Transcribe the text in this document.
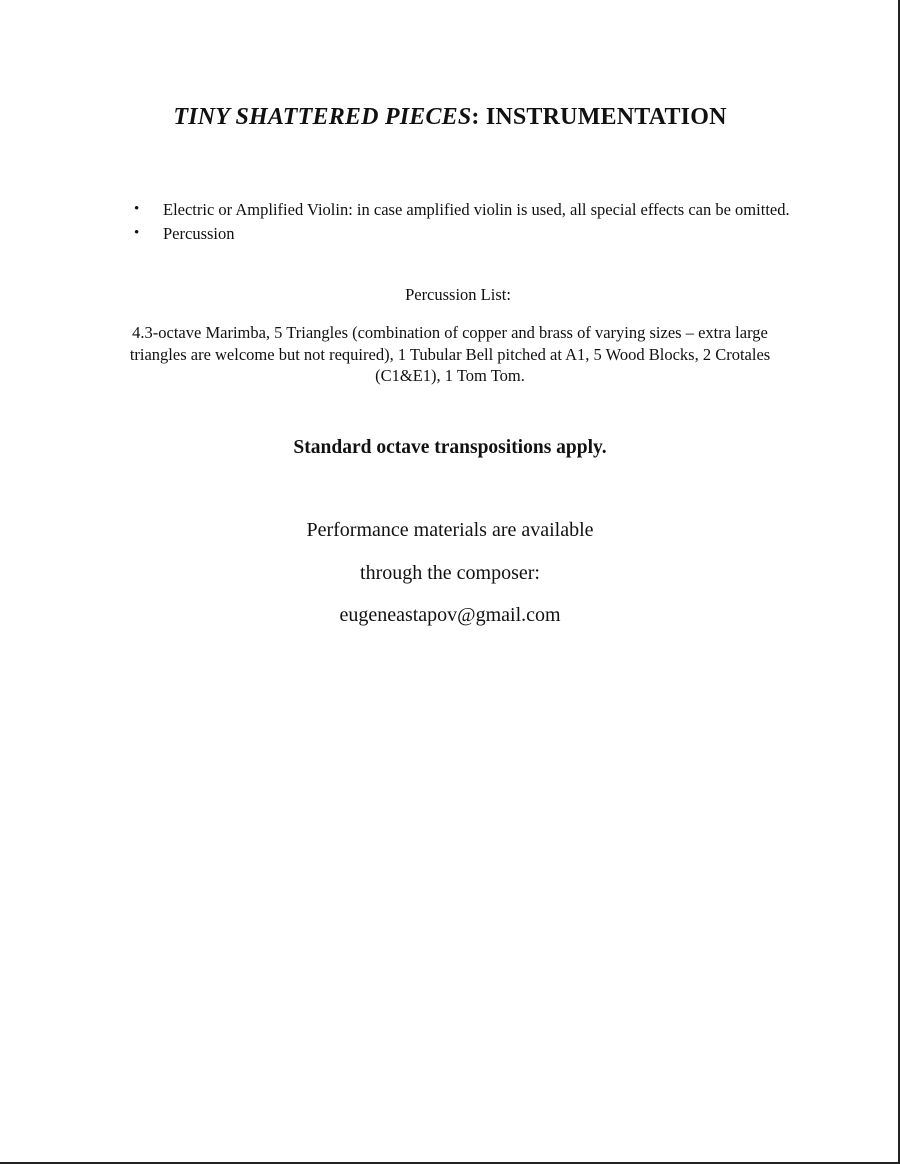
TINY SHATTERED PIECES: INSTRUMENTATION
• Electric or Amplified Violin: in case amplified violin is used, all special effects can be omitted.
• Percussion
Percussion List:
4.3-octave Marimba, 5 Triangles (combination of copper and brass of varying sizes – extra large triangles are welcome but not required), 1 Tubular Bell pitched at A1, 5 Wood Blocks, 2 Crotales (C1&E1), 1 Tom Tom.
Standard octave transpositions apply.
Performance materials are available
through the composer:
eugeneastapov@gmail.com
